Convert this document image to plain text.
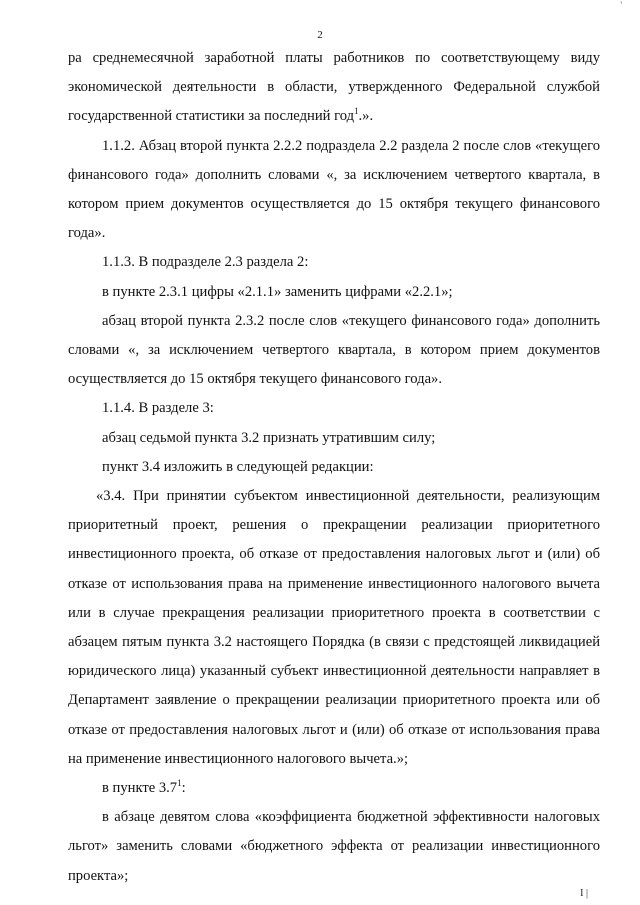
'
2

ра среднемесячной заработной платы работников по соответствующему виду экономической деятельности в области, утвержденного Федеральной службой государственной статистики за последний год$^1$.».

1.1.2. Абзац второй пункта 2.2.2 подраздела 2.2 раздела 2 после слов «текущего финансового года» дополнить словами «, за исключением четвертого квартала, в котором прием документов осуществляется до 15 октября текущего финансового года».

1.1.3. В подразделе 2.3 раздела 2:

в пункте 2.3.1 цифры «2.1.1» заменить цифрами «2.2.1»;

абзац второй пункта 2.3.2 после слов «текущего финансового года» дополнить словами «, за исключением четвертого квартала, в котором прием документов осуществляется до 15 октября текущего финансового года».

1.1.4. В разделе 3:

абзац седьмой пункта 3.2 признать утратившим силу;

пункт 3.4 изложить в следующей редакции:

«3.4. При принятии субъектом инвестиционной деятельности, реализующим приоритетный проект, решения о прекращении реализации приоритетного инвестиционного проекта, об отказе от предоставления налоговых льгот и (или) об отказе от использования права на применение инвестиционного налогового вычета или в случае прекращения реализации приоритетного проекта в соответствии с абзацем пятым пункта 3.2 настоящего Порядка (в связи с предстоящей ликвидацией юридического лица) указанный субъект инвестиционной деятельности направляет в Департамент заявление о прекращении реализации приоритетного проекта или об отказе от предоставления налоговых льгот и (или) об отказе от использования права на применение инвестиционного налогового вычета.»;

в пункте $3.7^1$:

в абзаце девятом слова «коэффициента бюджетной эффективности налоговых льгот» заменить словами «бюджетного эффекта от реализации инвестиционного проекта»;

I |
